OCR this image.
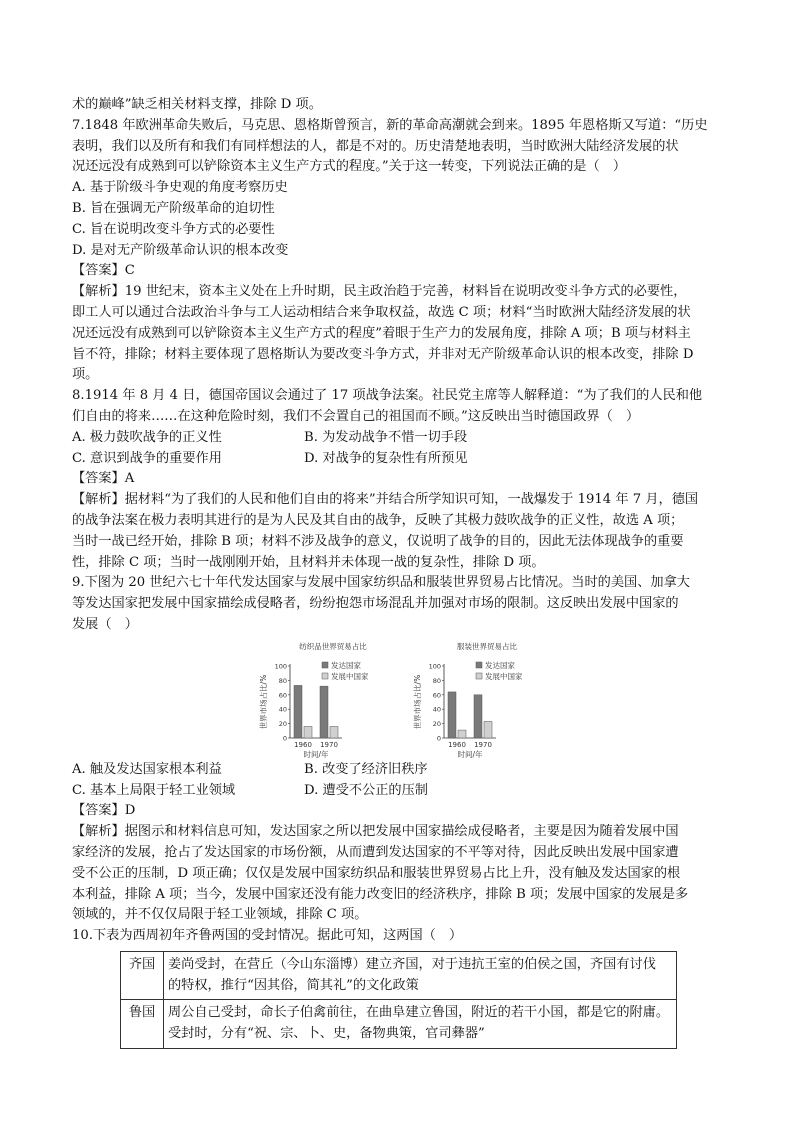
术的巅峰”缺乏相关材料支撑，排除 D 项。
7.1848 年欧洲革命失败后，马克思、恩格斯曾预言，新的革命高潮就会到来。1895 年恩格斯又写道：“历史
表明，我们以及所有和我们有同样想法的人，都是不对的。历史清楚地表明，当时欧洲大陆经济发展的状
况还远没有成熟到可以铲除资本主义生产方式的程度。”关于这一转变，下列说法正确的是（　）
A. 基于阶级斗争史观的角度考察历史
B. 旨在强调无产阶级革命的迫切性
C. 旨在说明改变斗争方式的必要性
D. 是对无产阶级革命认识的根本改变
【答案】C
【解析】19 世纪末，资本主义处在上升时期，民主政治趋于完善，材料旨在说明改变斗争方式的必要性，
即工人可以通过合法政治斗争与工人运动相结合来争取权益，故选 C 项；材料“当时欧洲大陆经济发展的状
况还远没有成熟到可以铲除资本主义生产方式的程度”着眼于生产力的发展角度，排除 A 项；B 项与材料主
旨不符，排除；材料主要体现了恩格斯认为要改变斗争方式，并非对无产阶级革命认识的根本改变，排除 D
项。
8.1914 年 8 月 4 日，德国帝国议会通过了 17 项战争法案。社民党主席等人解释道：“为了我们的人民和他
们自由的将来……在这种危险时刻，我们不会置自己的祖国而不顾。”这反映出当时德国政界（　）
A. 极力鼓吹战争的正义性	B. 为发动战争不惜一切手段
C. 意识到战争的重要作用	D. 对战争的复杂性有所预见
【答案】A
【解析】据材料“为了我们的人民和他们自由的将来”并结合所学知识可知，一战爆发于 1914 年 7 月，德国
的战争法案在极力表明其进行的是为人民及其自由的战争，反映了其极力鼓吹战争的正义性，故选 A 项；
当时一战已经开始，排除 B 项；材料不涉及战争的意义，仅说明了战争的目的，因此无法体现战争的重要
性，排除 C 项；当时一战刚刚开始，且材料并未体现一战的复杂性，排除 D 项。
9.下图为 20 世纪六七十年代发达国家与发展中国家纺织品和服装世界贸易占比情况。当时的美国、加拿大
等发达国家把发展中国家描绘成侵略者，纷纷抱怨市场混乱并加强对市场的限制。这反映出发展中国家的
发展（　）
纺织品世界贸易占比
世界市场占比/%
0
20
40
60
80
100
1960 1970
时间/年
发达国家
发展中国家
服装世界贸易占比
世界市场占比/%
0
20
40
60
80
100
1960 1970
时间/年
发达国家
发展中国家
A. 触及发达国家根本利益	B. 改变了经济旧秩序
C. 基本上局限于轻工业领域	D. 遭受不公正的压制
【答案】D
【解析】据图示和材料信息可知，发达国家之所以把发展中国家描绘成侵略者，主要是因为随着发展中国
家经济的发展，抢占了发达国家的市场份额，从而遭到发达国家的不平等对待，因此反映出发展中国家遭
受不公正的压制，D 项正确；仅仅是发展中国家纺织品和服装世界贸易占比上升，没有触及发达国家的根
本利益，排除 A 项；当今，发展中国家还没有能力改变旧的经济秩序，排除 B 项；发展中国家的发展是多
领域的，并不仅仅局限于轻工业领域，排除 C 项。
10.下表为西周初年齐鲁两国的受封情况。据此可知，这两国（　）
齐国	姜尚受封，在营丘（今山东淄博）建立齐国，对于违抗王室的伯侯之国，齐国有讨伐
的特权，推行“因其俗，简其礼”的文化政策

鲁国	周公自己受封，命长子伯禽前往，在曲阜建立鲁国，附近的若干小国，都是它的附庸。
受封时，分有“祝、宗、卜、史，备物典策，官司彝器”
